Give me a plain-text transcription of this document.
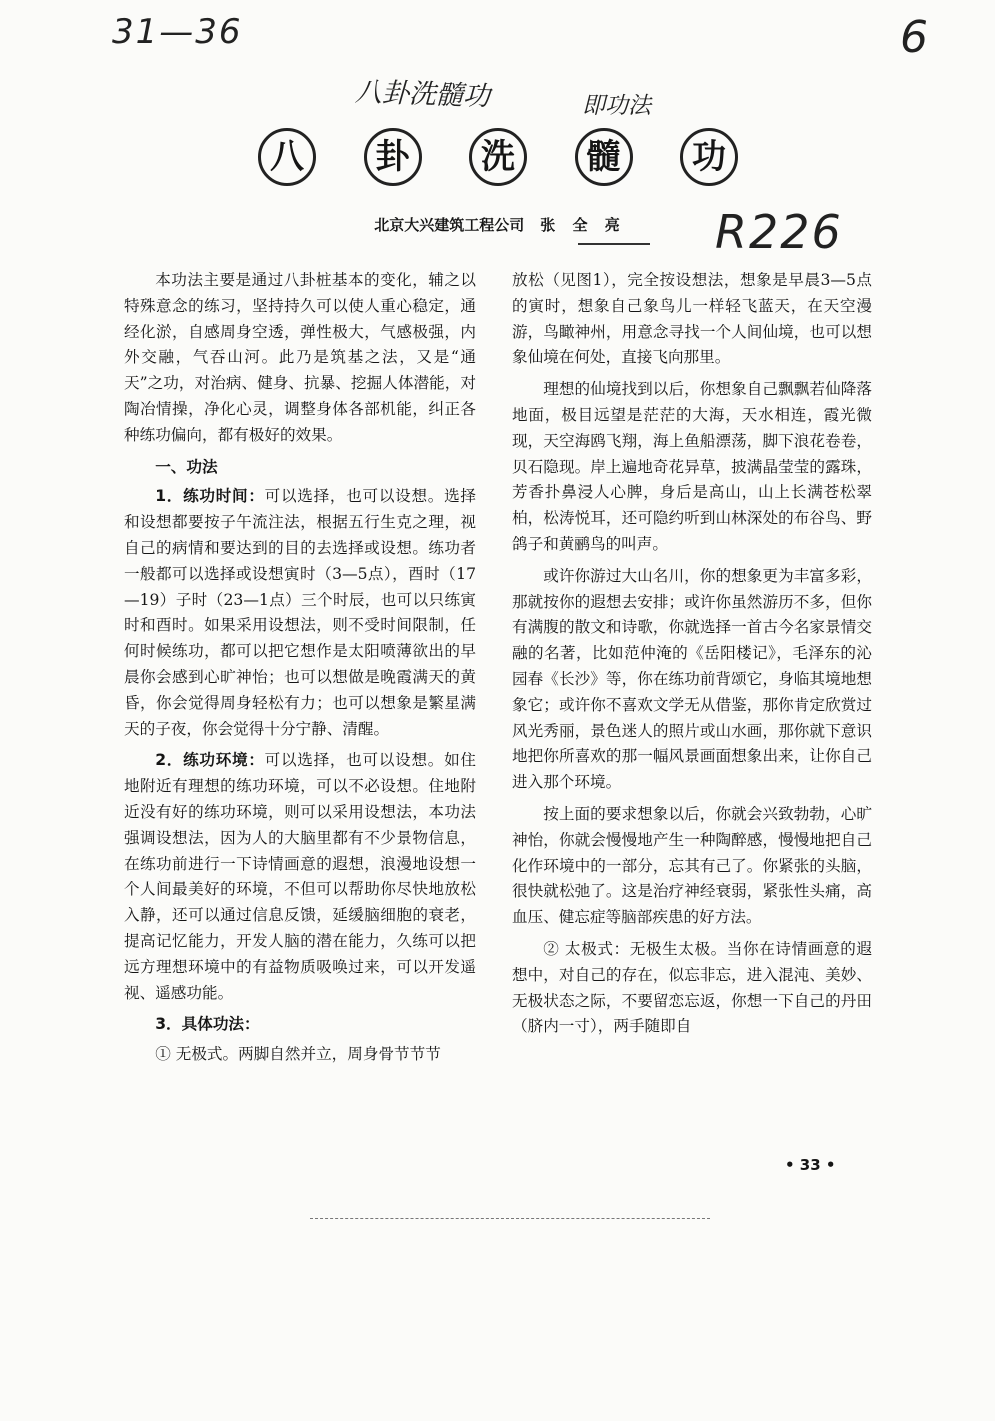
31—36	6
八卦洗髓功	即功法
R226
八	卦	洗	髓	功
北京大兴建筑工程公司 张 全 亮

本功法主要是通过八卦桩基本的变化，辅之以特殊意念的练习，坚持持久可以使人重心稳定，通经化淤，自感周身空透，弹性极大，气感极强，内外交融，气吞山河。此乃是筑基之法，又是“通天”之功，对治病、健身、抗暴、挖掘人体潜能，对陶冶情操，净化心灵，调整身体各部机能，纠正各种练功偏向，都有极好的效果。

一、功法

1．练功时间：可以选择，也可以设想。选择和设想都要按子午流注法，根据五行生克之理，视自己的病情和要达到的目的去选择或设想。练功者一般都可以选择或设想寅时（3—5点），酉时（17—19）子时（23—1点）三个时辰，也可以只练寅时和酉时。如果采用设想法，则不受时间限制，任何时候练功，都可以把它想作是太阳喷薄欲出的早晨你会感到心旷神怡；也可以想做是晚霞满天的黄昏，你会觉得周身轻松有力；也可以想象是繁星满天的子夜，你会觉得十分宁静、清醒。

2．练功环境：可以选择，也可以设想。如住地附近有理想的练功环境，可以不必设想。住地附近没有好的练功环境，则可以采用设想法，本功法强调设想法，因为人的大脑里都有不少景物信息，在练功前进行一下诗情画意的遐想，浪漫地设想一个人间最美好的环境，不但可以帮助你尽快地放松入静，还可以通过信息反馈，延缓脑细胞的衰老，提高记忆能力，开发人脑的潜在能力，久练可以把远方理想环境中的有益物质吸唤过来，可以开发遥视、遥感功能。

3．具体功法：

① 无极式。两脚自然并立，周身骨节节节

放松（见图1），完全按设想法，想象是早晨3—5点的寅时，想象自己象鸟儿一样轻飞蓝天，在天空漫游，鸟瞰神州，用意念寻找一个人间仙境，也可以想象仙境在何处，直接飞向那里。

理想的仙境找到以后，你想象自己飘飘若仙降落地面，极目远望是茫茫的大海，天水相连，霞光微现，天空海鸥飞翔，海上鱼船漂荡，脚下浪花卷卷，贝石隐现。岸上遍地奇花异草，披满晶莹莹的露珠，芳香扑鼻浸人心脾，身后是高山，山上长满苍松翠柏，松涛悦耳，还可隐约听到山林深处的布谷鸟、野鸽子和黄鹂鸟的叫声。

或许你游过大山名川，你的想象更为丰富多彩，那就按你的遐想去安排；或许你虽然游历不多，但你有满腹的散文和诗歌，你就选择一首古今名家景情交融的名著，比如范仲淹的《岳阳楼记》，毛泽东的沁园春《长沙》等，你在练功前背颂它，身临其境地想象它；或许你不喜欢文学无从借鉴，那你肯定欣赏过风光秀丽，景色迷人的照片或山水画，那你就下意识地把你所喜欢的那一幅风景画面想象出来，让你自己进入那个环境。

按上面的要求想象以后，你就会兴致勃勃，心旷神怡，你就会慢慢地产生一种陶醉感，慢慢地把自己化作环境中的一部分，忘其有己了。你紧张的头脑，很快就松弛了。这是治疗神经衰弱，紧张性头痛，高血压、健忘症等脑部疾患的好方法。

② 太极式：无极生太极。当你在诗情画意的遐想中，对自己的存在，似忘非忘，进入混沌、美妙、无极状态之际，不要留恋忘返，你想一下自己的丹田（脐内一寸），两手随即自

• 33 •
